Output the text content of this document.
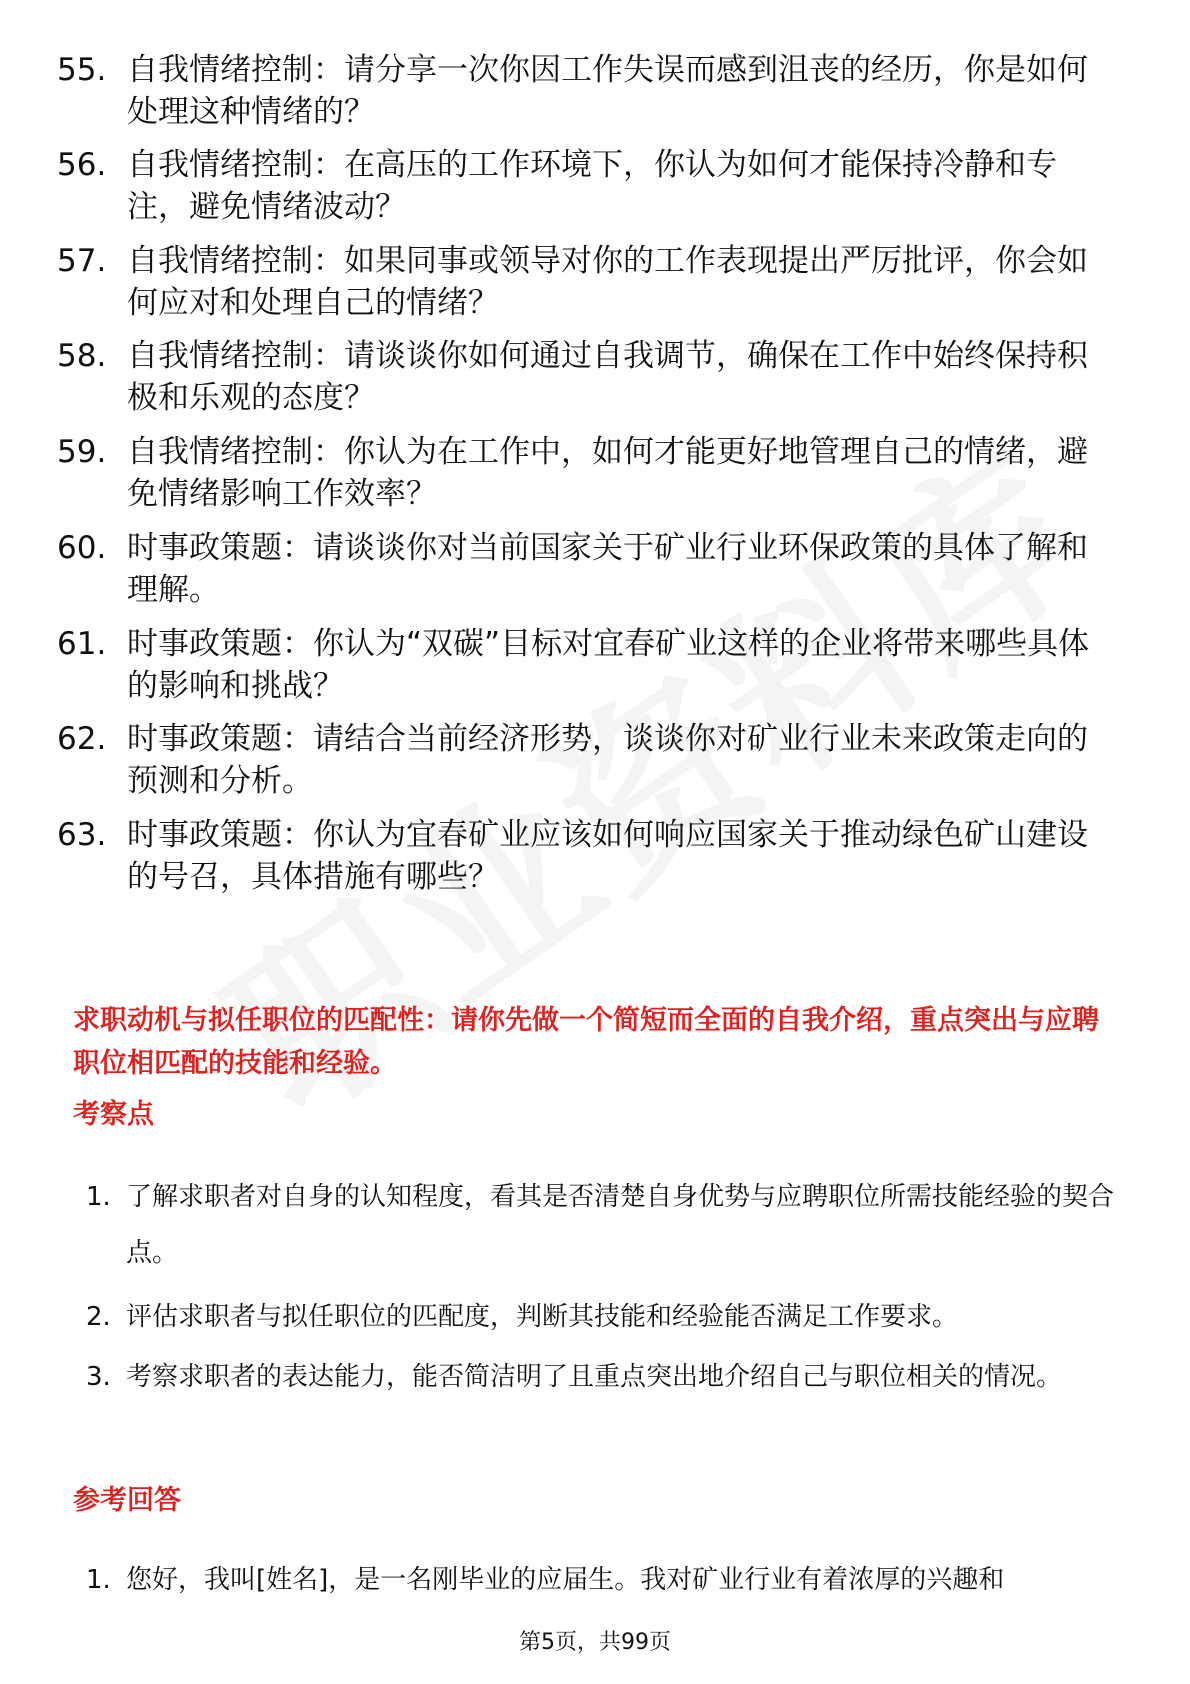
55. 自我情绪控制：请分享一次你因工作失误而感到沮丧的经历，你是如何处理这种情绪的？
56. 自我情绪控制：在高压的工作环境下，你认为如何才能保持冷静和专注，避免情绪波动？
57. 自我情绪控制：如果同事或领导对你的工作表现提出严厉批评，你会如何应对和处理自己的情绪？
58. 自我情绪控制：请谈谈你如何通过自我调节，确保在工作中始终保持积极和乐观的态度？
59. 自我情绪控制：你认为在工作中，如何才能更好地管理自己的情绪，避免情绪影响工作效率？
60. 时事政策题：请谈谈你对当前国家关于矿业行业环保政策的具体了解和理解。
61. 时事政策题：你认为“双碳”目标对宜春矿业这样的企业将带来哪些具体的影响和挑战？
62. 时事政策题：请结合当前经济形势，谈谈你对矿业行业未来政策走向的预测和分析。
63. 时事政策题：你认为宜春矿业应该如何响应国家关于推动绿色矿山建设的号召，具体措施有哪些？
求职动机与拟任职位的匹配性：请你先做一个简短而全面的自我介绍，重点突出与应聘职位相匹配的技能和经验。
考察点
1. 了解求职者对自身的认知程度，看其是否清楚自身优势与应聘职位所需技能经验的契合点。
2. 评估求职者与拟任职位的匹配度，判断其技能和经验能否满足工作要求。
3. 考察求职者的表达能力，能否简洁明了且重点突出地介绍自己与职位相关的情况。
参考回答
1. 您好，我叫[姓名]，是一名刚毕业的应届生。我对矿业行业有着浓厚的兴趣和
第5页，共99页
